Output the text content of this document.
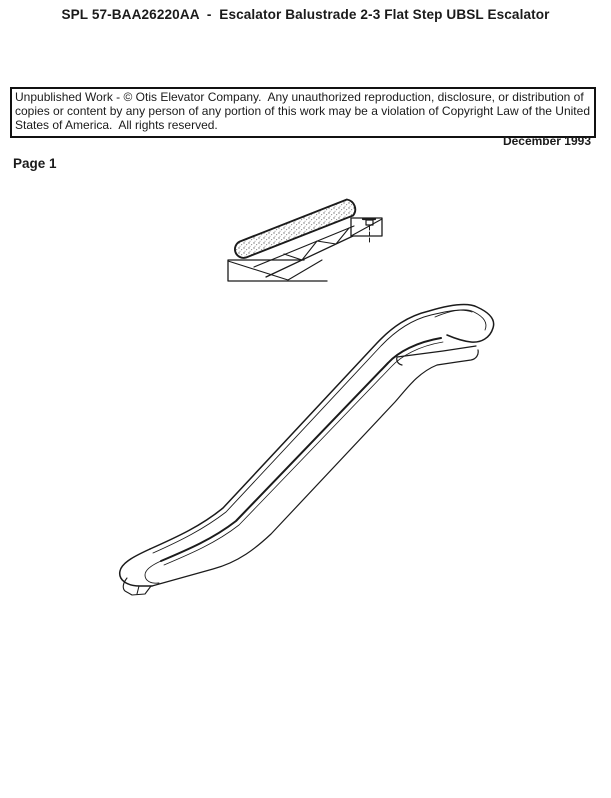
SPL 57-BAA26220AA  -  Escalator Balustrade 2-3 Flat Step UBSL Escalator
Unpublished Work - © Otis Elevator Company.  Any unauthorized reproduction, disclosure, or distribution of copies or content by any person of any portion of this work may be a violation of Copyright Law of the United States of America.  All rights reserved.
December 1993
Page 1
